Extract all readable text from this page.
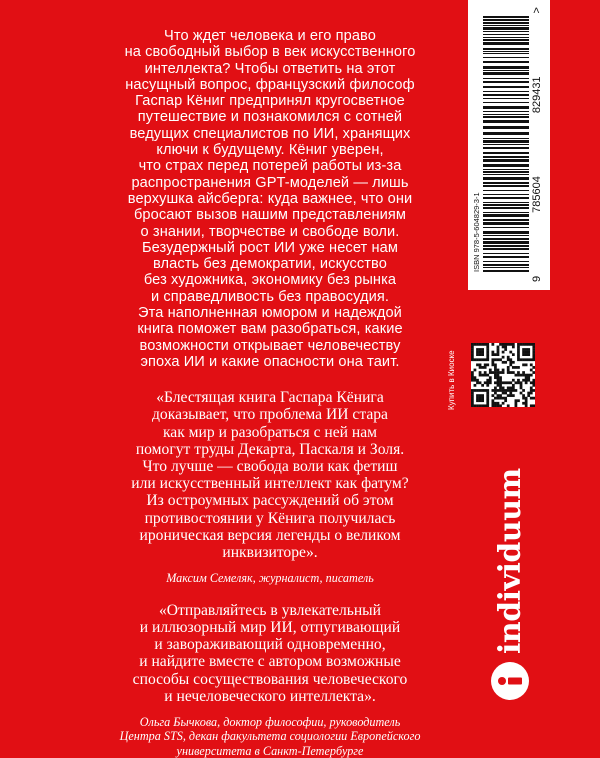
Что ждет человека и его право
на свободный выбор в век искусственного
интеллекта? Чтобы ответить на этот
насущный вопрос, французский философ
Гаспар Кёниг предпринял кругосветное
путешествие и познакомился с сотней
ведущих специалистов по ИИ, хранящих
ключи к будущему. Кёниг уверен,
что страх перед потерей работы из-за
распространения GPT-моделей — лишь
верхушка айсберга: куда важнее, что они
бросают вызов нашим представлениям
о знании, творчестве и свободе воли.
Безудержный рост ИИ уже несет нам
власть без демократии, искусство
без художника, экономику без рынка
и справедливость без правосудия.
Эта наполненная юмором и надеждой
книга поможет вам разобраться, какие
возможности открывает человечеству
эпоха ИИ и какие опасности она таит.
«Блестящая книга Гаспара Кёнига
доказывает, что проблема ИИ стара
как мир и разобраться с ней нам
помогут труды Декарта, Паскаля и Золя.
Что лучше — свобода воли как фетиш
или искусственный интеллект как фатум?
Из остроумных рассуждений об этом
противостоянии у Кёнига получилась
ироническая версия легенды о великом
инквизиторе».
Максим Семеляк, журналист, писатель
«Отправляйтесь в увлекательный
и иллюзорный мир ИИ, отпугивающий
и завораживающий одновременно,
и найдите вместе с автором возможные
способы сосуществования человеческого
и нечеловеческого интеллекта».
Ольга Бычкова, доктор философии, руководитель
Центра STS, декан факультета социологии Европейского
университета в Санкт-Петербурге
ISBN 978-5-604829-3-1
9
785604
829431
>
Купить в Киоске
individuum
